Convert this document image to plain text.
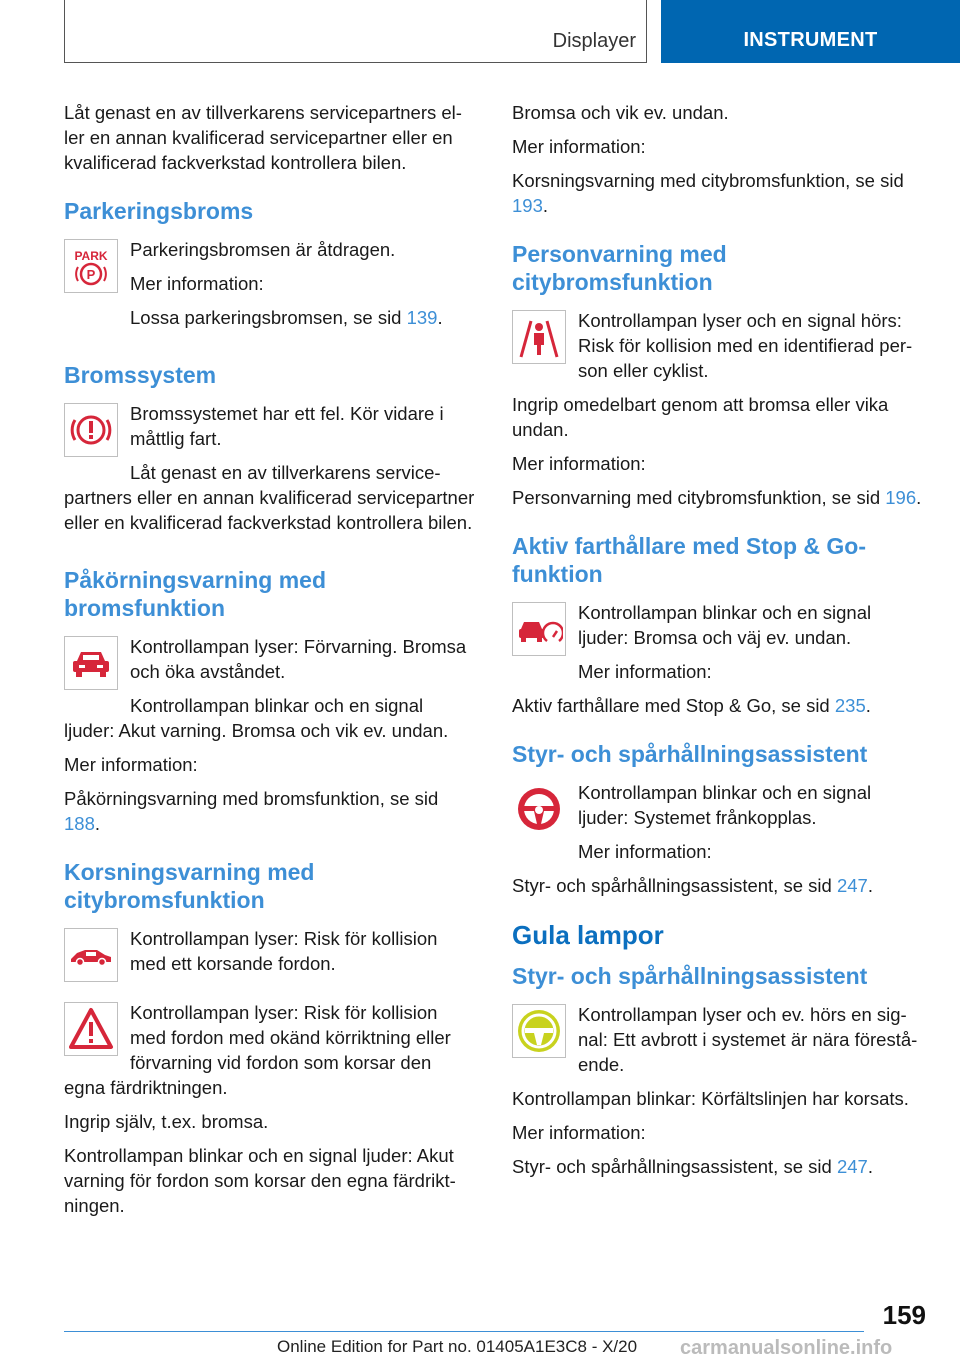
Displayer	INSTRUMENT

Låt genast en av tillverkarens servicepartners eller en annan kvalificerad servicepartner eller en kvalificerad fackverkstad kontrollera bilen.

Parkeringsbroms
PARK
P

Parkeringsbromsen är åtdragen.

Mer information:

Lossa parkeringsbromsen, se sid 139.

Bromssystem

Bromssystemet har ett fel. Kör vidare i måttlig fart.

Låt genast en av tillverkarens servicepartners eller en annan kvalificerad servicepartner eller en kvalificerad fackverkstad kontrollera bilen.

Påkörningsvarning med bromsfunktion

Kontrollampan lyser: Förvarning. Bromsa och öka avståndet.

Kontrollampan blinkar och en signal ljuder: Akut varning. Bromsa och vik ev. undan.

Mer information:

Påkörningsvarning med bromsfunktion, se sid 188.

Korsningsvarning med citybromsfunktion

Kontrollampan lyser: Risk för kollision med ett korsande fordon.

Kontrollampan lyser: Risk för kollision med fordon med okänd körriktning eller förvarning vid fordon som korsar den egna färdriktningen.

Ingrip själv, t.ex. bromsa.

Kontrollampan blinkar och en signal ljuder: Akut varning för fordon som korsar den egna färdriktningen.

Bromsa och vik ev. undan.

Mer information:

Korsningsvarning med citybromsfunktion, se sid 193.

Personvarning med citybromsfunktion

Kontrollampan lyser och en signal hörs: Risk för kollision med en identifierad person eller cyklist.

Ingrip omedelbart genom att bromsa eller vika undan.

Mer information:

Personvarning med citybromsfunktion, se sid 196.

Aktiv farthållare med Stop & Go-funktion

Kontrollampan blinkar och en signal ljuder: Bromsa och väj ev. undan.

Mer information:

Aktiv farthållare med Stop & Go, se sid 235.

Styr- och spårhållningsassistent

Kontrollampan blinkar och en signal ljuder: Systemet frånkopplas.

Mer information:

Styr- och spårhållningsassistent, se sid 247.

Gula lampor
Styr- och spårhållningsassistent

Kontrollampan lyser och ev. hörs en signal: Ett avbrott i systemet är nära förestående.

Kontrollampan blinkar: Körfältslinjen har korsats.

Mer information:

Styr- och spårhållningsassistent, se sid 247.

159
Online Edition for Part no. 01405A1E3C8 - X/20 carmanualsonline.info
